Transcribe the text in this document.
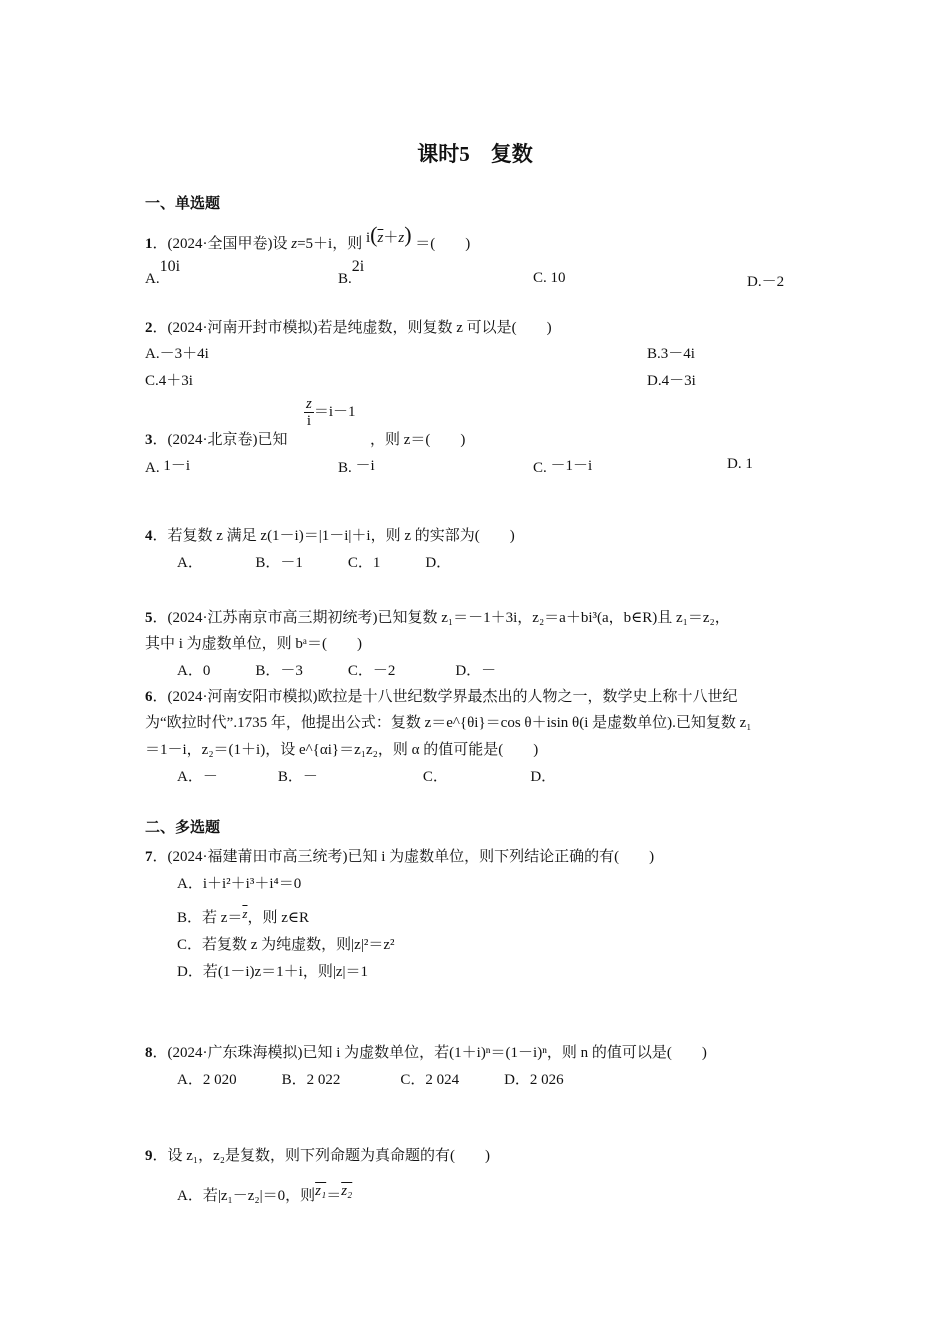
课时5　复数
一、单选题
1．(2024·全国甲卷)设 z=5＋i，则 $i(\overline{z}+z)$ ＝(　　)
A.10i
B.2i
C. 10	D.－2
2．(2024·河南开封市模拟)若是纯虚数，则复数 z 可以是(　　)
A.－3＋4i	B.3－4i
C.4＋3i	D.4－3i
$\frac{z}{i} =i-1$
3．(2024·北京卷)已知	，则 z＝(　　)
A. 1－i	B. －i	C. －1－i	D. 1
4．若复数 z 满足 z(1－i)＝|1－i|＋i，则 z 的实部为(　　)
A．　　　　B．－1　　　C．1　　　D．
5．(2024·江苏南京市高三期初统考)已知复数 z₁＝－1＋3i，z₂＝a＋bi³(a，b∈R)且 z₁＝z₂，
其中 i 为虚数单位，则 bᵃ＝(　　)
A．0　　　B．－3　　　C．－2　　　　D．－
6．(2024·河南安阳市模拟)欧拉是十八世纪数学界最杰出的人物之一，数学史上称十八世纪
为“欧拉时代”.1735 年，他提出公式：复数 z＝e^{θi}＝cos θ＋isin θ(i 是虚数单位).已知复数 z₁
＝1－i，z₂＝(1＋i)，设 e^{αi}＝z₁z₂，则 α 的值可能是(　　)
A．－　　　　B．－　　　　　　　C．　　　　　　D．
二、多选题
7．(2024·福建莆田市高三统考)已知 i 为虚数单位，则下列结论正确的有(　　)
A．i＋i²＋i³＋i⁴＝0
B．若 $z=\overline{z}$，则 z∈R
C．若复数 z 为纯虚数，则|z|²＝z²
D．若(1－i)z＝1＋i，则|z|＝1
8．(2024·广东珠海模拟)已知 i 为虚数单位，若(1＋i)ⁿ＝(1－i)ⁿ，则 n 的值可以是(　　)
A．2 020　　　B．2 022　　　　C．2 024　　　D．2 026
9．设 z₁，z₂是复数，则下列命题为真命题的有(　　)
A．若|z₁－z₂|＝0，则z₁＝z₂
